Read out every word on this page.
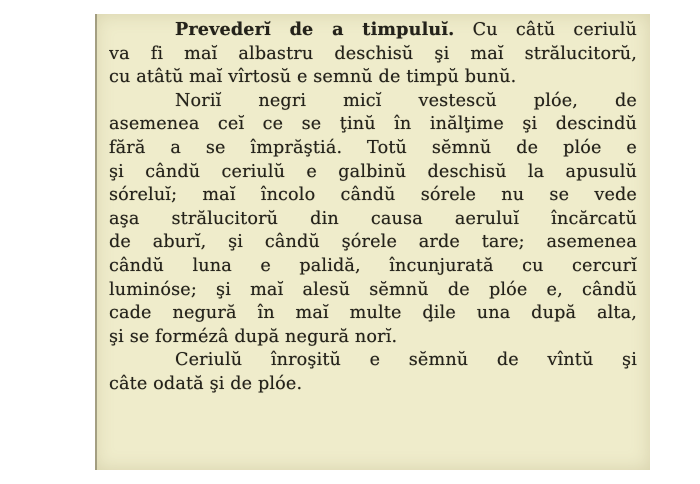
Prevederĭ de a timpuluĭ. Cu câtŭ ceriulŭ
va fi maĭ albastru deschisŭ şi maĭ strălucitorŭ,
cu atâtŭ maĭ vîrtosŭ e semnŭ de timpŭ bunŭ.
Noriĭ negri micĭ vestescŭ plóe, de
asemenea ceĭ ce se ţinŭ în inălţime şi descindŭ
fără a se împrăştiá. Totŭ sĕmnŭ de plóe e
şi cândŭ ceriulŭ e galbinŭ deschisŭ la apusulŭ
sóreluĭ; maĭ încolo cândŭ sórele nu se vede
aşa strălucitorŭ din causa aeruluĭ încărcatŭ
de aburĭ, şi cândŭ şórele arde tare; asemenea
cândŭ luna e palidă, încunjurată cu cercurĭ
luminóse; şi maĭ alesŭ sĕmnŭ de plóe e, cândŭ
cade negură în maĭ multe ḑile una după alta,
şi se formézâ după negură norĭ.
Ceriulŭ înroşitŭ e sĕmnŭ de vîntŭ şi
câte odată şi de plóe.
